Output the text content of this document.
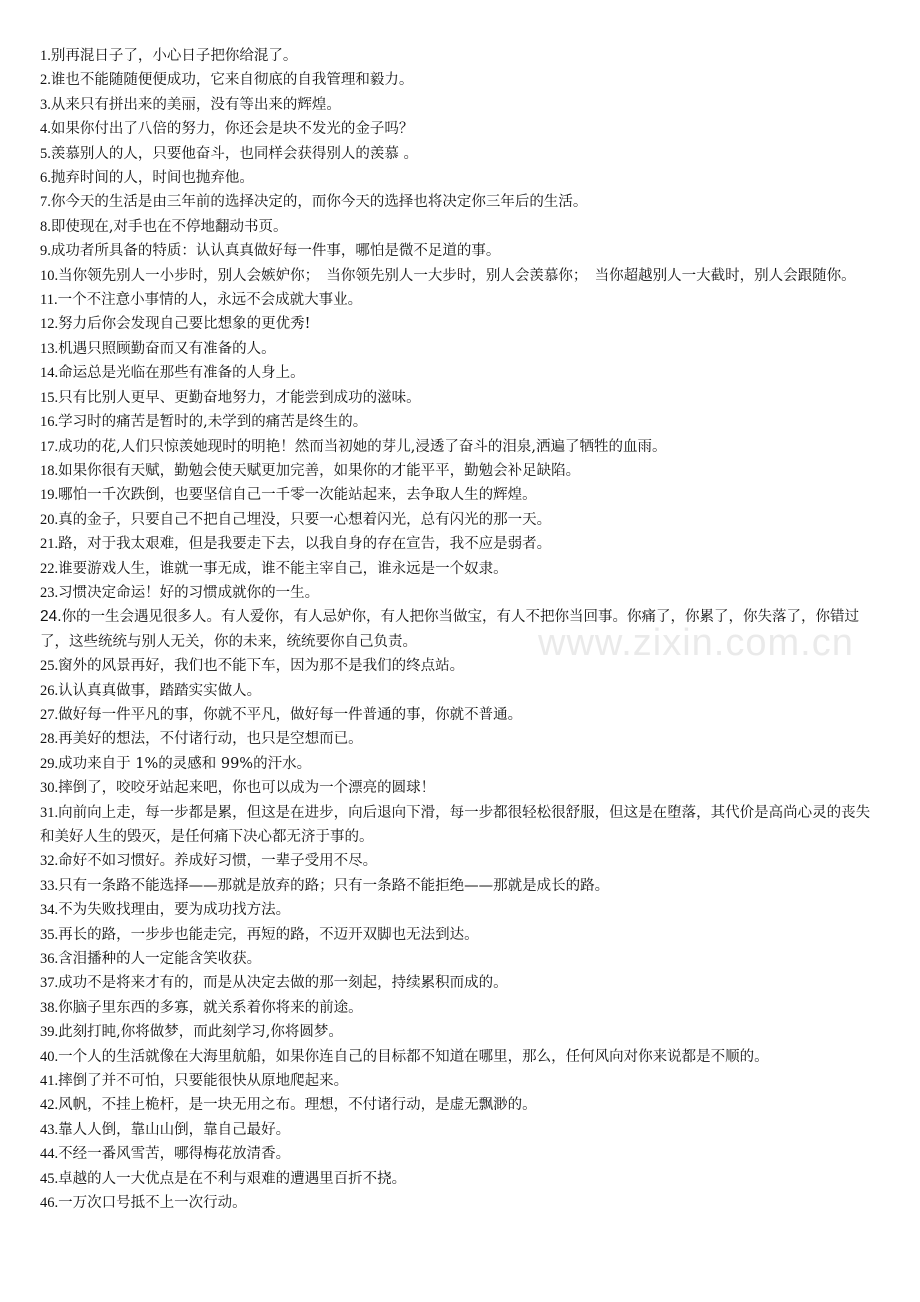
1.别再混日子了，小心日子把你给混了。

2.谁也不能随随便便成功，它来自彻底的自我管理和毅力。

3.从来只有拼出来的美丽，没有等出来的辉煌。

4.如果你付出了八倍的努力，你还会是块不发光的金子吗？

5.羡慕别人的人，只要他奋斗，也同样会获得别人的羡慕 。

6.抛弃时间的人，时间也抛弃他。

7.你今天的生活是由三年前的选择决定的，而你今天的选择也将决定你三年后的生活。

8.即使现在,对手也在不停地翻动书页。

9.成功者所具备的特质：认认真真做好每一件事，哪怕是微不足道的事。

10.当你领先别人一小步时，别人会嫉妒你；　当你领先别人一大步时，别人会羡慕你；　当你超越别人一大截时，别人会跟随你。

11.一个不注意小事情的人，永远不会成就大事业。

12.努力后你会发现自己要比想象的更优秀!

13.机遇只照顾勤奋而又有准备的人。

14.命运总是光临在那些有准备的人身上。

15.只有比别人更早、更勤奋地努力，才能尝到成功的滋味。

16.学习时的痛苦是暂时的,未学到的痛苦是终生的。

17.成功的花,人们只惊羡她现时的明艳！然而当初她的芽儿,浸透了奋斗的泪泉,洒遍了牺牲的血雨。

18.如果你很有天赋，勤勉会使天赋更加完善，如果你的才能平平，勤勉会补足缺陷。

19.哪怕一千次跌倒，也要坚信自己一千零一次能站起来，去争取人生的辉煌。

20.真的金子，只要自己不把自己埋没，只要一心想着闪光，总有闪光的那一天。

21.路，对于我太艰难，但是我要走下去，以我自身的存在宣告，我不应是弱者。

22.谁要游戏人生，谁就一事无成，谁不能主宰自己，谁永远是一个奴隶。

23.习惯决定命运！好的习惯成就你的一生。

24.你的一生会遇见很多人。有人爱你，有人忌妒你，有人把你当做宝，有人不把你当回事。你痛了，你累了，你失落了，你错过了，这些统统与别人无关，你的未来，统统要你自己负责。

25.窗外的风景再好，我们也不能下车，因为那不是我们的终点站。

26.认认真真做事，踏踏实实做人。

27.做好每一件平凡的事，你就不平凡，做好每一件普通的事，你就不普通。

28.再美好的想法，不付诸行动，也只是空想而已。

29.成功来自于 1%的灵感和 99%的汗水。

30.摔倒了，咬咬牙站起来吧，你也可以成为一个漂亮的圆球！

31.向前向上走，每一步都是累，但这是在进步，向后退向下滑，每一步都很轻松很舒服，但这是在堕落，其代价是高尚心灵的丧失和美好人生的毁灭，是任何痛下决心都无济于事的。

32.命好不如习惯好。养成好习惯，一辈子受用不尽。

33.只有一条路不能选择——那就是放弃的路；只有一条路不能拒绝——那就是成长的路。

34.不为失败找理由，要为成功找方法。

35.再长的路，一步步也能走完，再短的路，不迈开双脚也无法到达。

36.含泪播种的人一定能含笑收获。

37.成功不是将来才有的，而是从决定去做的那一刻起，持续累积而成的。

38.你脑子里东西的多寡，就关系着你将来的前途。

39.此刻打盹,你将做梦，而此刻学习,你将圆梦。

40.一个人的生活就像在大海里航船，如果你连自己的目标都不知道在哪里，那么，任何风向对你来说都是不顺的。

41.摔倒了并不可怕，只要能很快从原地爬起来。

42.风帆，不挂上桅杆，是一块无用之布。理想，不付诸行动，是虚无飘渺的。

43.靠人人倒，靠山山倒，靠自己最好。

44.不经一番风雪苦，哪得梅花放清香。

45.卓越的人一大优点是在不利与艰难的遭遇里百折不挠。

46.一万次口号抵不上一次行动。

www.zixin.com.cn
